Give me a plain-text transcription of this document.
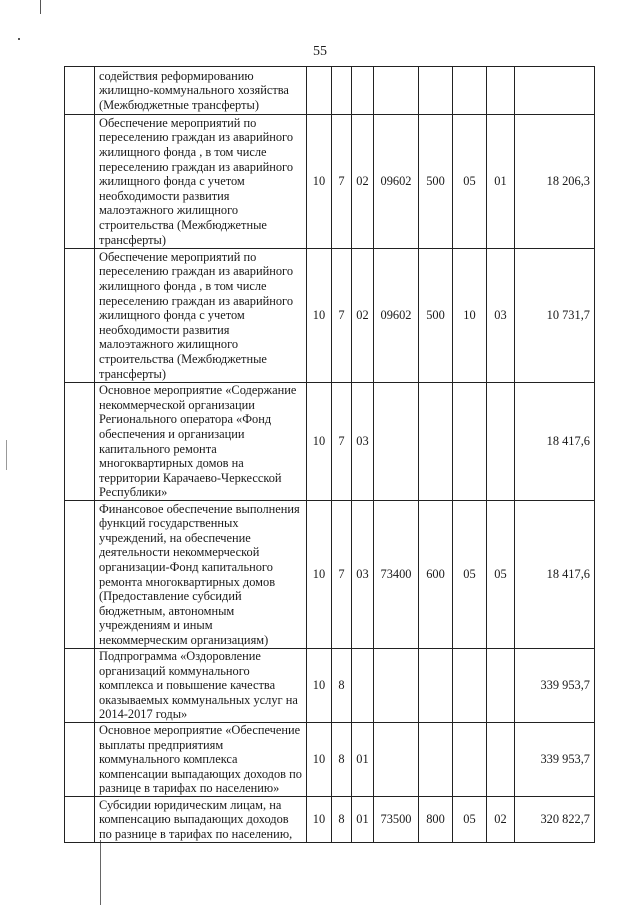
55
	содействия реформированию жилищно-коммунального хозяйства (Межбюджетные трансферты)								
	Обеспечение мероприятий по переселению граждан из аварийного жилищного фонда , в том числе переселению граждан из аварийного жилищного фонда с учетом необходимости развития малоэтажного жилищного строительства (Межбюджетные трансферты)	10	7	02	09602	500	05	01	18 206,3
	Обеспечение мероприятий по переселению граждан из аварийного жилищного фонда , в том числе переселению граждан из аварийного жилищного фонда с учетом необходимости развития малоэтажного жилищного строительства (Межбюджетные трансферты)	10	7	02	09602	500	10	03	10 731,7
	Основное мероприятие «Содержание некоммерческой организации Регионального оператора «Фонд обеспечения и организации капитального ремонта многоквартирных домов на территории Карачаево-Черкесской Республики»	10	7	03					18 417,6
	Финансовое обеспечение выполнения функций государственных учреждений, на обеспечение деятельности некоммерческой организации-Фонд капитального ремонта многоквартирных домов (Предоставление субсидий бюджетным, автономным учреждениям и иным некоммерческим организациям)	10	7	03	73400	600	05	05	18 417,6
	Подпрограмма «Оздоровление организаций коммунального комплекса и повышение качества оказываемых коммунальных услуг на 2014-2017 годы»	10	8						339 953,7
	Основное мероприятие «Обеспечение выплаты предприятиям коммунального комплекса компенсации выпадающих доходов по разнице в тарифах по населению»	10	8	01					339 953,7
	Субсидии юридическим лицам, на компенсацию выпадающих доходов по разнице в тарифах по населению,	10	8	01	73500	800	05	02	320 822,7
